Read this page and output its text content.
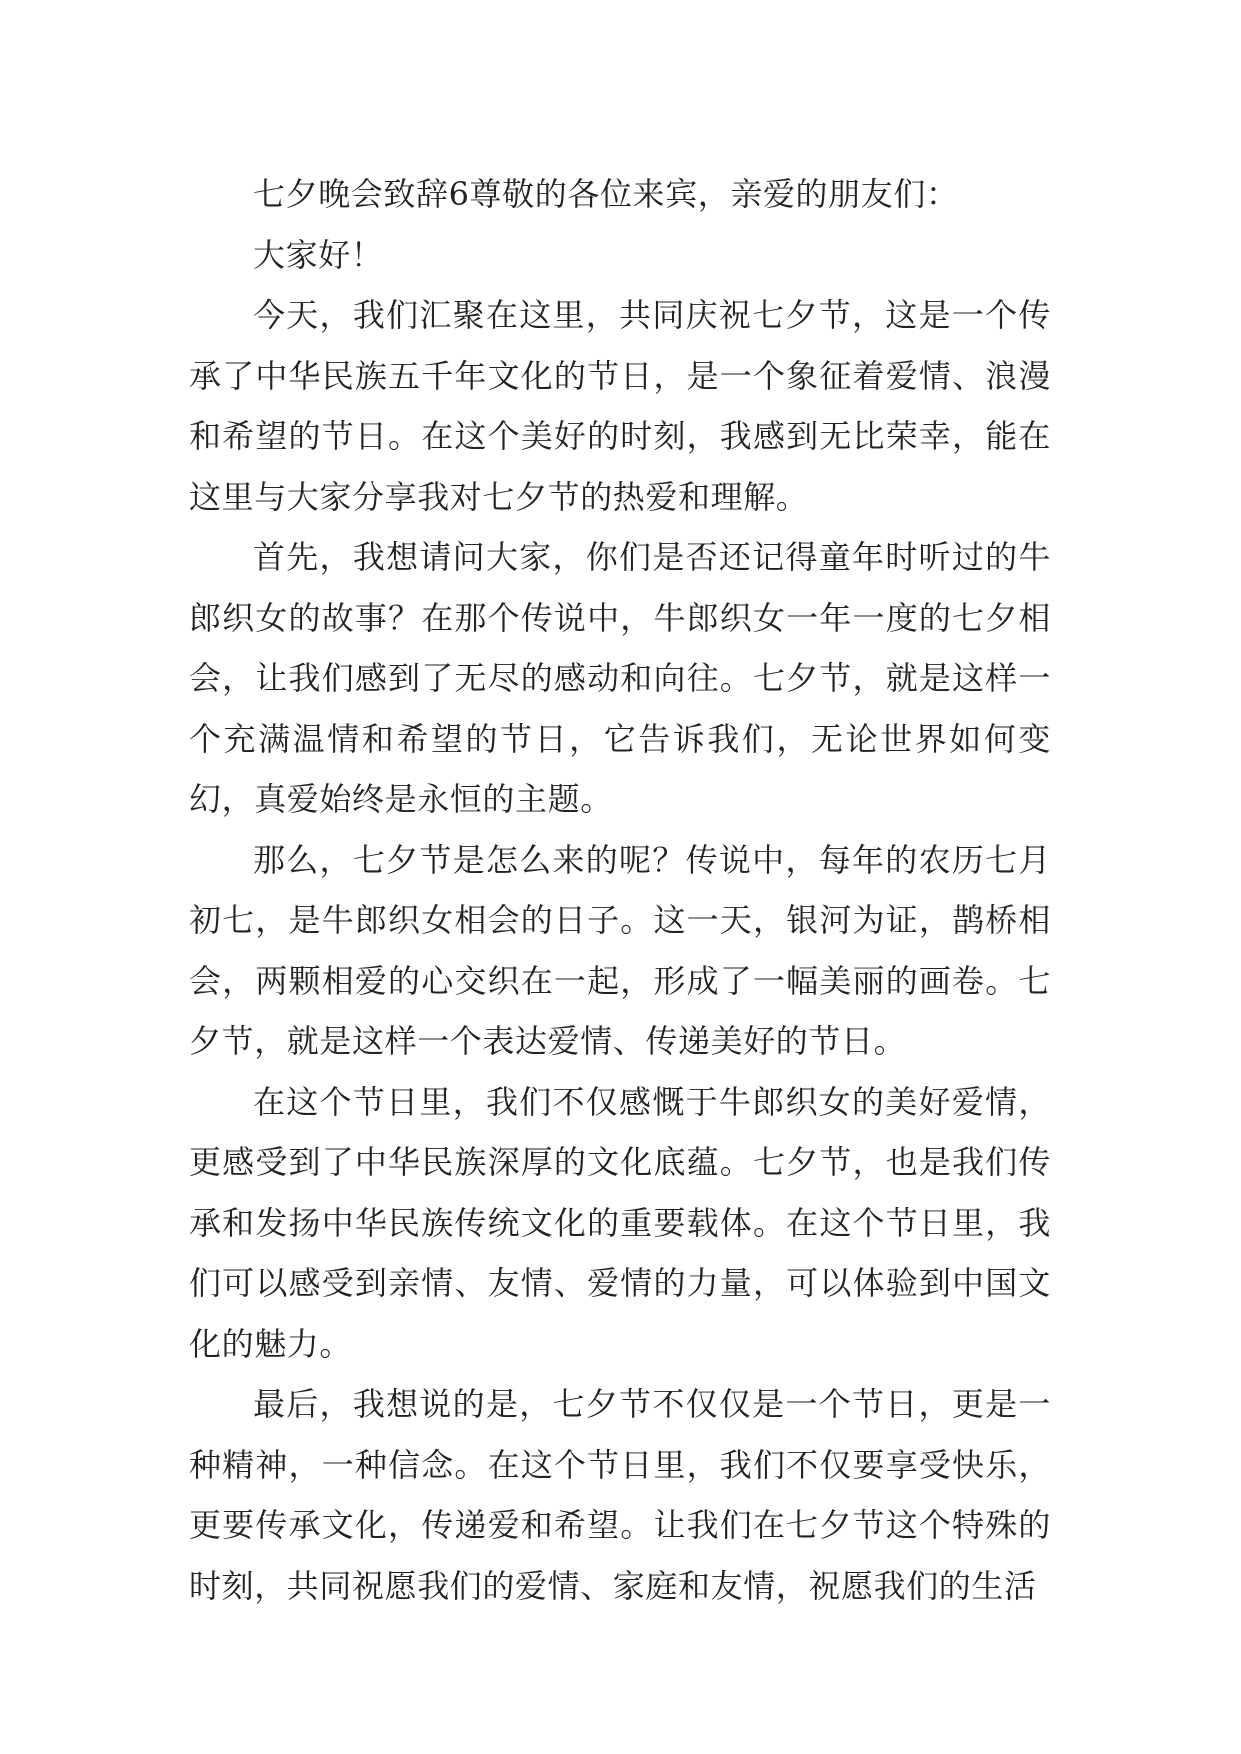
七夕晚会致辞6尊敬的各位来宾，亲爱的朋友们：

大家好！

今天，我们汇聚在这里，共同庆祝七夕节，这是一个传承了中华民族五千年文化的节日，是一个象征着爱情、浪漫和希望的节日。在这个美好的时刻，我感到无比荣幸，能在这里与大家分享我对七夕节的热爱和理解。

首先，我想请问大家，你们是否还记得童年时听过的牛郎织女的故事？在那个传说中，牛郎织女一年一度的七夕相会，让我们感到了无尽的感动和向往。七夕节，就是这样一个充满温情和希望的节日，它告诉我们，无论世界如何变幻，真爱始终是永恒的主题。

那么，七夕节是怎么来的呢？传说中，每年的农历七月初七，是牛郎织女相会的日子。这一天，银河为证，鹊桥相会，两颗相爱的心交织在一起，形成了一幅美丽的画卷。七夕节，就是这样一个表达爱情、传递美好的节日。

在这个节日里，我们不仅感慨于牛郎织女的美好爱情，更感受到了中华民族深厚的文化底蕴。七夕节，也是我们传承和发扬中华民族传统文化的重要载体。在这个节日里，我们可以感受到亲情、友情、爱情的力量，可以体验到中国文化的魅力。

最后，我想说的是，七夕节不仅仅是一个节日，更是一种精神，一种信念。在这个节日里，我们不仅要享受快乐，更要传承文化，传递爱和希望。让我们在七夕节这个特殊的时刻，共同祝愿我们的爱情、家庭和友情，祝愿我们的生活
